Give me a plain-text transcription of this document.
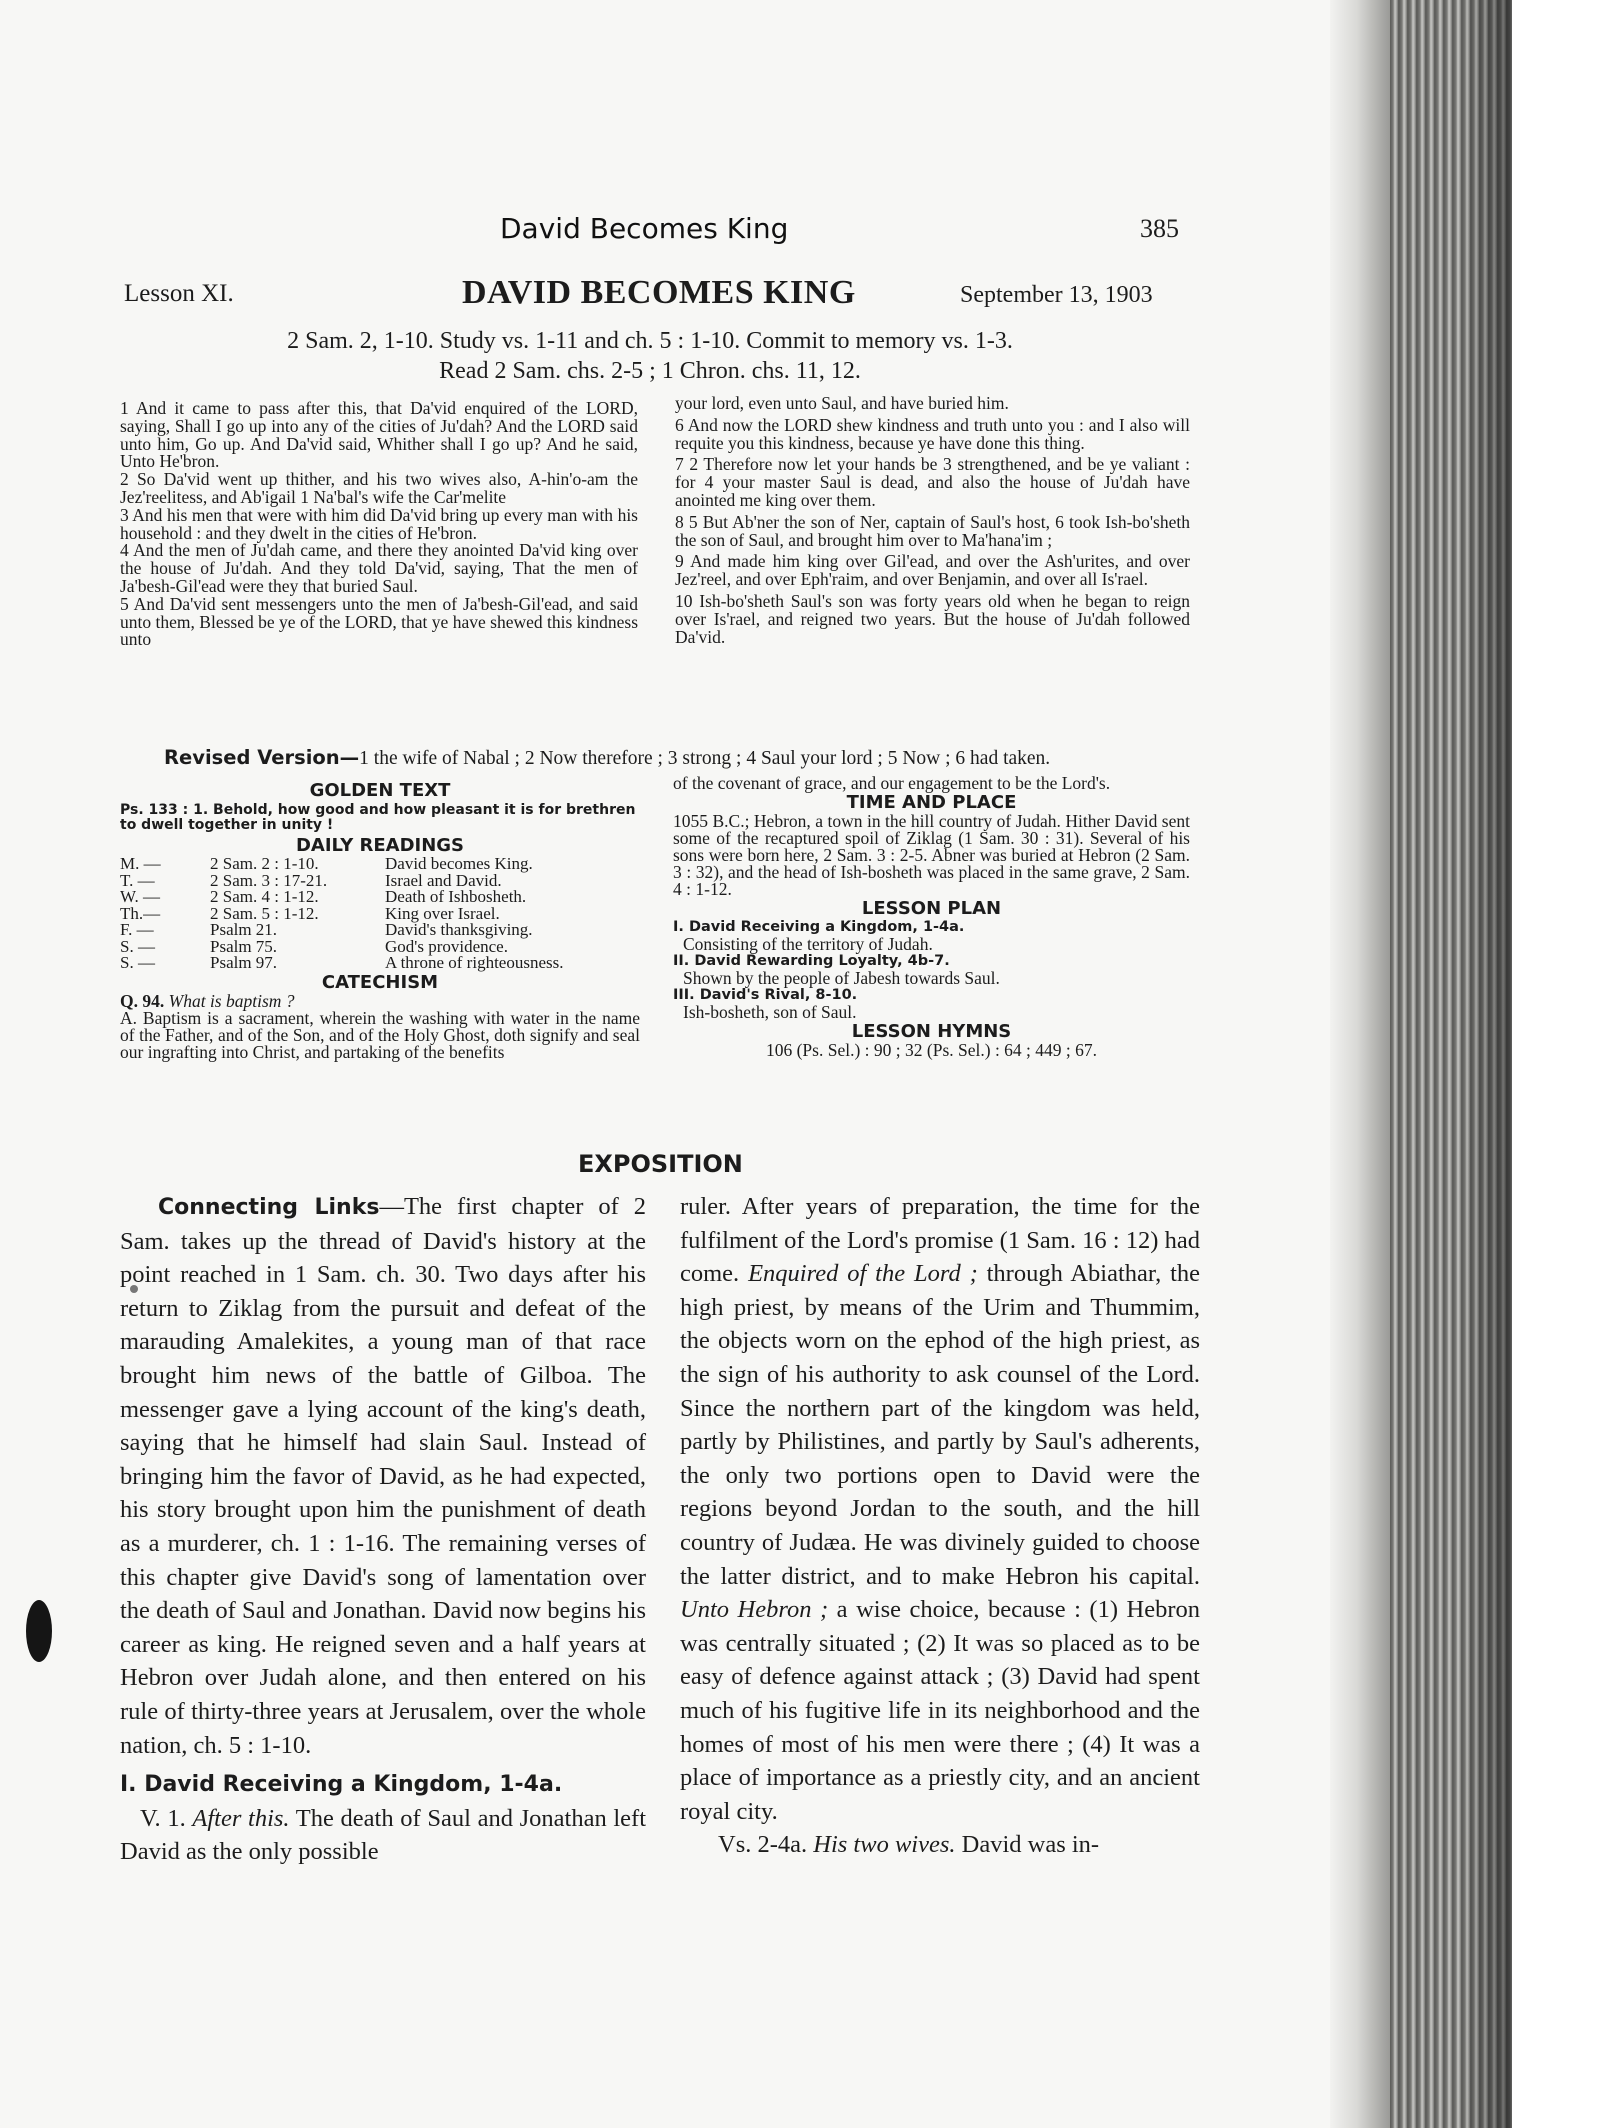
David Becomes King	385
Lesson XI.	DAVID BECOMES KING	September 13, 1903
2 Sam. 2, 1-10. Study vs. 1-11 and ch. 5 : 1-10. Commit to memory vs. 1-3.
Read 2 Sam. chs. 2-5 ; 1 Chron. chs. 11, 12.

1 And it came to pass after this, that Da'vid enquired of the LORD, saying, Shall I go up into any of the cities of Ju'dah? And the LORD said unto him, Go up. And Da'vid said, Whither shall I go up? And he said, Unto He'bron.

2 So Da'vid went up thither, and his two wives also, A-hin'o-am the Jez'reelitess, and Ab'igail 1 Na'bal's wife the Car'melite

3 And his men that were with him did Da'vid bring up every man with his household : and they dwelt in the cities of He'bron.

4 And the men of Ju'dah came, and there they anointed Da'vid king over the house of Ju'dah. And they told Da'vid, saying, That the men of Ja'besh-Gil'ead were they that buried Saul.

5 And Da'vid sent messengers unto the men of Ja'besh-Gil'ead, and said unto them, Blessed be ye of the LORD, that ye have shewed this kindness unto

your lord, even unto Saul, and have buried him.

6 And now the LORD shew kindness and truth unto you : and I also will requite you this kindness, because ye have done this thing.

7 2 Therefore now let your hands be 3 strengthened, and be ye valiant : for 4 your master Saul is dead, and also the house of Ju'dah have anointed me king over them.

8 5 But Ab'ner the son of Ner, captain of Saul's host, 6 took Ish-bo'sheth the son of Saul, and brought him over to Ma'hana'im ;

9 And made him king over Gil'ead, and over the Ash'urites, and over Jez'reel, and over Eph'raim, and over Benjamin, and over all Is'rael.

10 Ish-bo'sheth Saul's son was forty years old when he began to reign over Is'rael, and reigned two years. But the house of Ju'dah followed Da'vid.

Revised Version—1 the wife of Nabal ; 2 Now therefore ; 3 strong ; 4 Saul your lord ; 5 Now ; 6 had taken.
GOLDEN TEXT
Ps. 133 : 1. Behold, how good and how pleasant it is for brethren to dwell together in unity !
DAILY READINGS
M. —	2 Sam. 2 : 1-10.	David becomes King.
T. —	2 Sam. 3 : 17-21.	Israel and David.
W. —	2 Sam. 4 : 1-12.	Death of Ishbosheth.
Th.—	2 Sam. 5 : 1-12.	King over Israel.
F. —	Psalm 21.	David's thanksgiving.
S. —	Psalm 75.	God's providence.
S. —	Psalm 97.	A throne of righteousness.
CATECHISM

Q. 94. What is baptism ?

A. Baptism is a sacrament, wherein the washing with water in the name of the Father, and of the Son, and of the Holy Ghost, doth signify and seal our ingrafting into Christ, and partaking of the benefits

of the covenant of grace, and our engagement to be the Lord's.

TIME AND PLACE

1055 B.C.; Hebron, a town in the hill country of Judah. Hither David sent some of the recaptured spoil of Ziklag (1 Sam. 30 : 31). Several of his sons were born here, 2 Sam. 3 : 2-5. Abner was buried at Hebron (2 Sam. 3 : 32), and the head of Ish-bosheth was placed in the same grave, 2 Sam. 4 : 1-12.

LESSON PLAN

I. David Receiving a Kingdom, 1-4a.

Consisting of the territory of Judah.

II. David Rewarding Loyalty, 4b-7.

Shown by the people of Jabesh towards Saul.

III. David's Rival, 8-10.

Ish-bosheth, son of Saul.

LESSON HYMNS

106 (Ps. Sel.) : 90 ; 32 (Ps. Sel.) : 64 ; 449 ; 67.

EXPOSITION

Connecting Links—The first chapter of 2 Sam. takes up the thread of David's history at the point reached in 1 Sam. ch. 30. Two days after his return to Ziklag from the pursuit and defeat of the marauding Amalekites, a young man of that race brought him news of the battle of Gilboa. The messenger gave a lying account of the king's death, saying that he himself had slain Saul. Instead of bringing him the favor of David, as he had expected, his story brought upon him the punishment of death as a murderer, ch. 1 : 1-16. The remaining verses of this chapter give David's song of lamentation over the death of Saul and Jonathan. David now begins his career as king. He reigned seven and a half years at Hebron over Judah alone, and then entered on his rule of thirty-three years at Jerusalem, over the whole nation, ch. 5 : 1-10.

I. David Receiving a Kingdom, 1-4a.

V. 1. After this. The death of Saul and Jonathan left David as the only possible

ruler. After years of preparation, the time for the fulfilment of the Lord's promise (1 Sam. 16 : 12) had come. Enquired of the Lord ; through Abiathar, the high priest, by means of the Urim and Thummim, the objects worn on the ephod of the high priest, as the sign of his authority to ask counsel of the Lord. Since the northern part of the kingdom was held, partly by Philistines, and partly by Saul's adherents, the only two portions open to David were the regions beyond Jordan to the south, and the hill country of Judæa. He was divinely guided to choose the latter district, and to make Hebron his capital. Unto Hebron ; a wise choice, because : (1) Hebron was centrally situated ; (2) It was so placed as to be easy of defence against attack ; (3) David had spent much of his fugitive life in its neighborhood and the homes of most of his men were there ; (4) It was a place of importance as a priestly city, and an ancient royal city.

Vs. 2-4a. His two wives. David was in-
